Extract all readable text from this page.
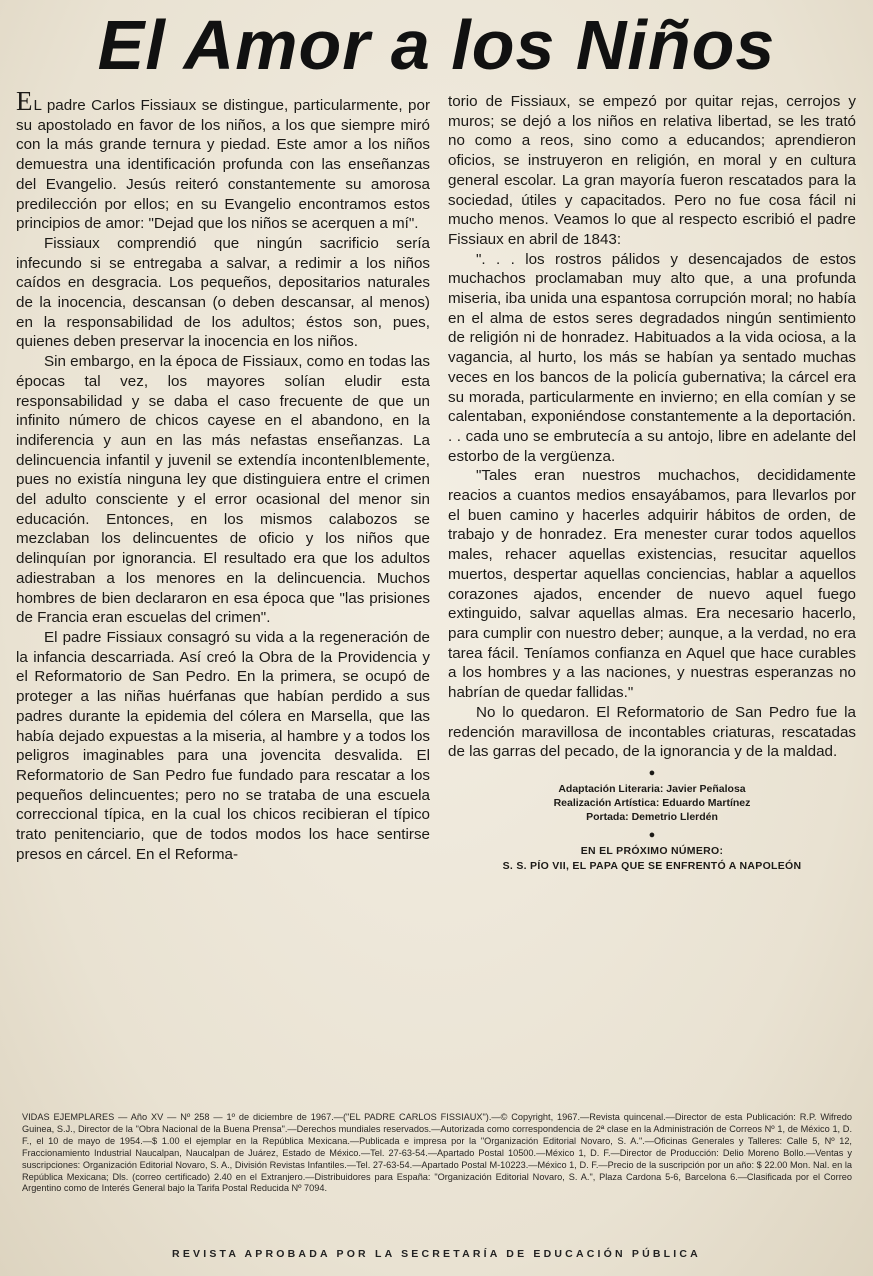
El Amor a los Niños

EL padre Carlos Fissiaux se distingue, particularmente, por su apostolado en favor de los niños, a los que siempre miró con la más grande ternura y piedad. Este amor a los niños demuestra una identificación profunda con las enseñanzas del Evangelio. Jesús reiteró constantemente su amorosa predilección por ellos; en su Evangelio encontramos estos principios de amor: "Dejad que los niños se acerquen a mí".

Fissiaux comprendió que ningún sacrificio sería infecundo si se entregaba a salvar, a redimir a los niños caídos en desgracia. Los pequeños, depositarios naturales de la inocencia, descansan (o deben descansar, al menos) en la responsabilidad de los adultos; éstos son, pues, quienes deben preservar la inocencia en los niños.

Sin embargo, en la época de Fissiaux, como en todas las épocas tal vez, los mayores solían eludir esta responsabilidad y se daba el caso frecuente de que un infinito número de chicos cayese en el abandono, en la indiferencia y aun en las más nefastas enseñanzas. La delincuencia infantil y juvenil se extendía incontenIblemente, pues no existía ninguna ley que distinguiera entre el crimen del adulto consciente y el error ocasional del menor sin educación. Entonces, en los mismos calabozos se mezclaban los delincuentes de oficio y los niños que delinquían por ignorancia. El resultado era que los adultos adiestraban a los menores en la delincuencia. Muchos hombres de bien declararon en esa época que "las prisiones de Francia eran escuelas del crimen".

El padre Fissiaux consagró su vida a la regeneración de la infancia descarriada. Así creó la Obra de la Providencia y el Reformatorio de San Pedro. En la primera, se ocupó de proteger a las niñas huérfanas que habían perdido a sus padres durante la epidemia del cólera en Marsella, que las había dejado expuestas a la miseria, al hambre y a todos los peligros imaginables para una jovencita desvalida. El Reformatorio de San Pedro fue fundado para rescatar a los pequeños delincuentes; pero no se trataba de una escuela correccional típica, en la cual los chicos recibieran el típico trato penitenciario, que de todos modos los hace sentirse presos en cárcel. En el Reforma-

torio de Fissiaux, se empezó por quitar rejas, cerrojos y muros; se dejó a los niños en relativa libertad, se les trató no como a reos, sino como a educandos; aprendieron oficios, se instruyeron en religión, en moral y en cultura general escolar. La gran mayoría fueron rescatados para la sociedad, útiles y capacitados. Pero no fue cosa fácil ni mucho menos. Veamos lo que al respecto escribió el padre Fissiaux en abril de 1843:

". . . los rostros pálidos y desencajados de estos muchachos proclamaban muy alto que, a una profunda miseria, iba unida una espantosa corrupción moral; no había en el alma de estos seres degradados ningún sentimiento de religión ni de honradez. Habituados a la vida ociosa, a la vagancia, al hurto, los más se habían ya sentado muchas veces en los bancos de la policía gubernativa; la cárcel era su morada, particularmente en invierno; en ella comían y se calentaban, exponiéndose constantemente a la deportación. . . cada uno se embrutecía a su antojo, libre en adelante del estorbo de la vergüenza.

"Tales eran nuestros muchachos, decididamente reacios a cuantos medios ensayábamos, para llevarlos por el buen camino y hacerles adquirir hábitos de orden, de trabajo y de honradez. Era menester curar todos aquellos males, rehacer aquellas existencias, resucitar aquellos muertos, despertar aquellas conciencias, hablar a aquellos corazones ajados, encender de nuevo aquel fuego extinguido, salvar aquellas almas. Era necesario hacerlo, para cumplir con nuestro deber; aunque, a la verdad, no era tarea fácil. Teníamos confianza en Aquel que hace curables a los hombres y a las naciones, y nuestras esperanzas no habrían de quedar fallidas."

No lo quedaron. El Reformatorio de San Pedro fue la redención maravillosa de incontables criaturas, rescatadas de las garras del pecado, de la ignorancia y de la maldad.

●
Adaptación Literaria: Javier Peñalosa
Realización Artística: Eduardo Martínez
Portada: Demetrio Llerdén
●
EN EL PRÓXIMO NÚMERO:
S. S. PÍO VII, EL PAPA QUE SE ENFRENTÓ A NAPOLEÓN
VIDAS EJEMPLARES — Año XV — Nº 258 — 1º de diciembre de 1967.—("EL PADRE CARLOS FISSIAUX").—© Copyright, 1967.—Revista quincenal.—Director de esta Publicación: R.P. Wifredo Guinea, S.J., Director de la "Obra Nacional de la Buena Prensa".—Derechos mundiales reservados.—Autorizada como correspondencia de 2ª clase en la Administración de Correos Nº 1, de México 1, D. F., el 10 de mayo de 1954.—$ 1.00 el ejemplar en la República Mexicana.—Publicada e impresa por la "Organización Editorial Novaro, S. A.".—Oficinas Generales y Talleres: Calle 5, Nº 12, Fraccionamiento Industrial Naucalpan, Naucalpan de Juárez, Estado de México.—Tel. 27-63-54.—Apartado Postal 10500.—México 1, D. F.—Director de Producción: Delio Moreno Bollo.—Ventas y suscripciones: Organización Editorial Novaro, S. A., División Revistas Infantiles.—Tel. 27-63-54.—Apartado Postal M-10223.—México 1, D. F.—Precio de la suscripción por un año: $ 22.00 Mon. Nal. en la República Mexicana; Dls. (correo certificado) 2.40 en el Extranjero.—Distribuidores para España: "Organización Editorial Novaro, S. A.", Plaza Cardona 5-6, Barcelona 6.—Clasificada por el Correo Argentino como de Interés General bajo la Tarifa Postal Reducida Nº 7094.
REVISTA APROBADA POR LA SECRETARÍA DE EDUCACIÓN PÚBLICA
